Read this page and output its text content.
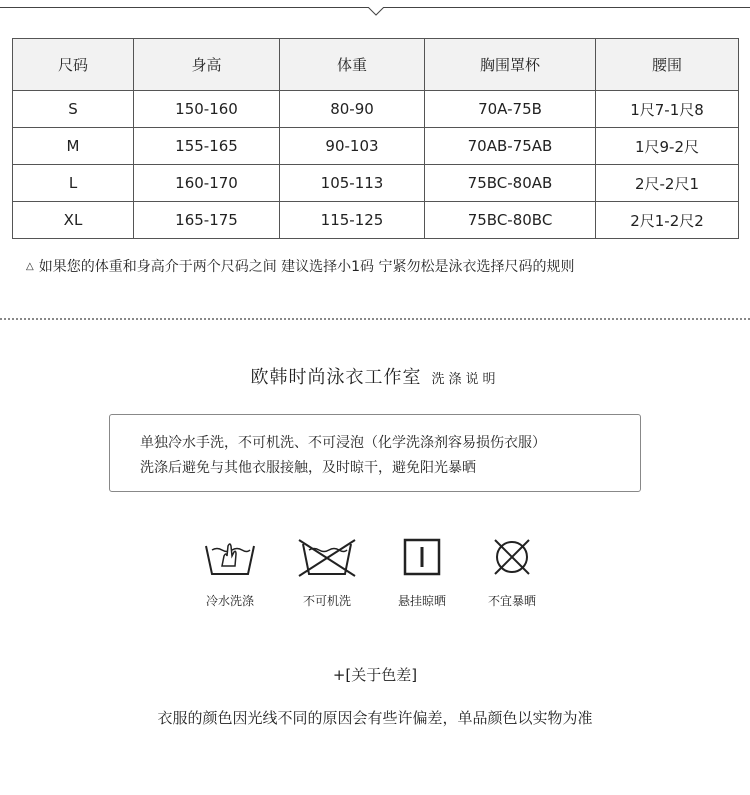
尺码	身高	体重	胸围罩杯	腰围
S	150-160	80-90	70A-75B	1尺7-1尺8
M	155-165	90-103	70AB-75AB	1尺9-2尺
L	160-170	105-113	75BC-80AB	2尺-2尺1
XL	165-175	115-125	75BC-80BC	2尺1-2尺2
△ 如果您的体重和身高介于两个尺码之间 建议选择小1码 宁紧勿松是泳衣选择尺码的规则
欧韩时尚泳衣工作室 洗涤说明
单独冷水手洗，不可机洗、不可浸泡（化学洗涤剂容易损伤衣服）
洗涤后避免与其他衣服接触，及时晾干，避免阳光暴晒
冷水洗涤	不可机洗	悬挂晾晒	不宜暴晒
+[关于色差]
衣服的颜色因光线不同的原因会有些许偏差，单品颜色以实物为准
